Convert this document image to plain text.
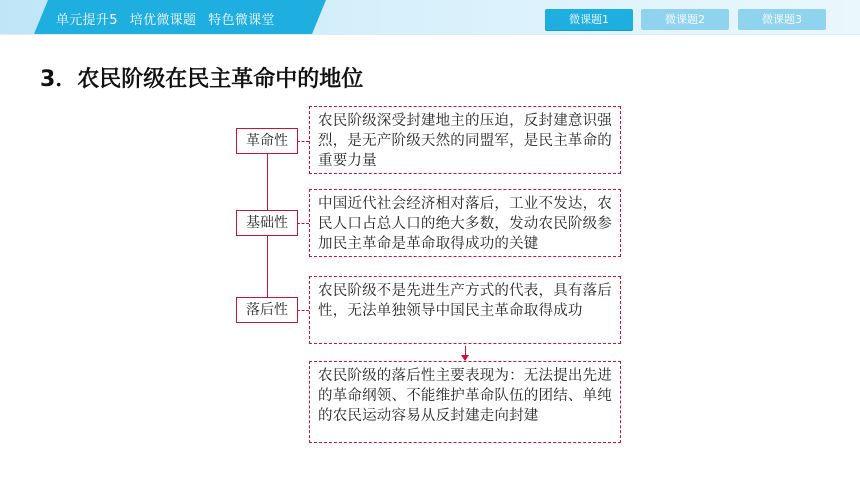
单元提升5 培优微课题 特色微课堂	微课题1	微课题2	微课题3
3．农民阶级在民主革命中的地位
革命性
农民阶级深受封建地主的压迫，反封建意识强烈，是无产阶级天然的同盟军，是民主革命的重要力量
基础性
中国近代社会经济相对落后，工业不发达，农民人口占总人口的绝大多数，发动农民阶级参加民主革命是革命取得成功的关键
落后性
农民阶级不是先进生产方式的代表，具有落后性，无法单独领导中国民主革命取得成功
农民阶级的落后性主要表现为：无法提出先进的革命纲领、不能维护革命队伍的团结、单纯的农民运动容易从反封建走向封建
